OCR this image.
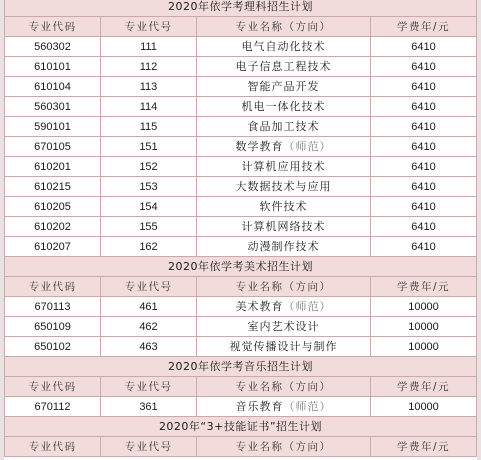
2020年依学考理科招生计划			
专业代码	专业代号	专业名称（方向）	学费年/元
560302	111	电气自动化技术	6410
610101	112	电子信息工程技术	6410
610104	113	智能产品开发	6410
560301	114	机电一体化技术	6410
590101	115	食品加工技术	6410
670105	151	数学教育（师范）	6410
610201	152	计算机应用技术	6410
610215	153	大数据技术与应用	6410
610205	154	软件技术	6410
610202	155	计算机网络技术	6410
610207	162	动漫制作技术	6410
2020年依学考美术招生计划			
专业代码	专业代号	专业名称（方向）	学费年/元
670113	461	美术教育（师范）	10000
650109	462	室内艺术设计	10000
650102	463	视觉传播设计与制作	10000
2020年依学考音乐招生计划			
专业代码	专业代号	专业名称（方向）	学费年/元
670112	361	音乐教育（师范）	10000
2020年“3+技能证书”招生计划			
专业代码	专业代号	专业名称（方向）	学费年/元
